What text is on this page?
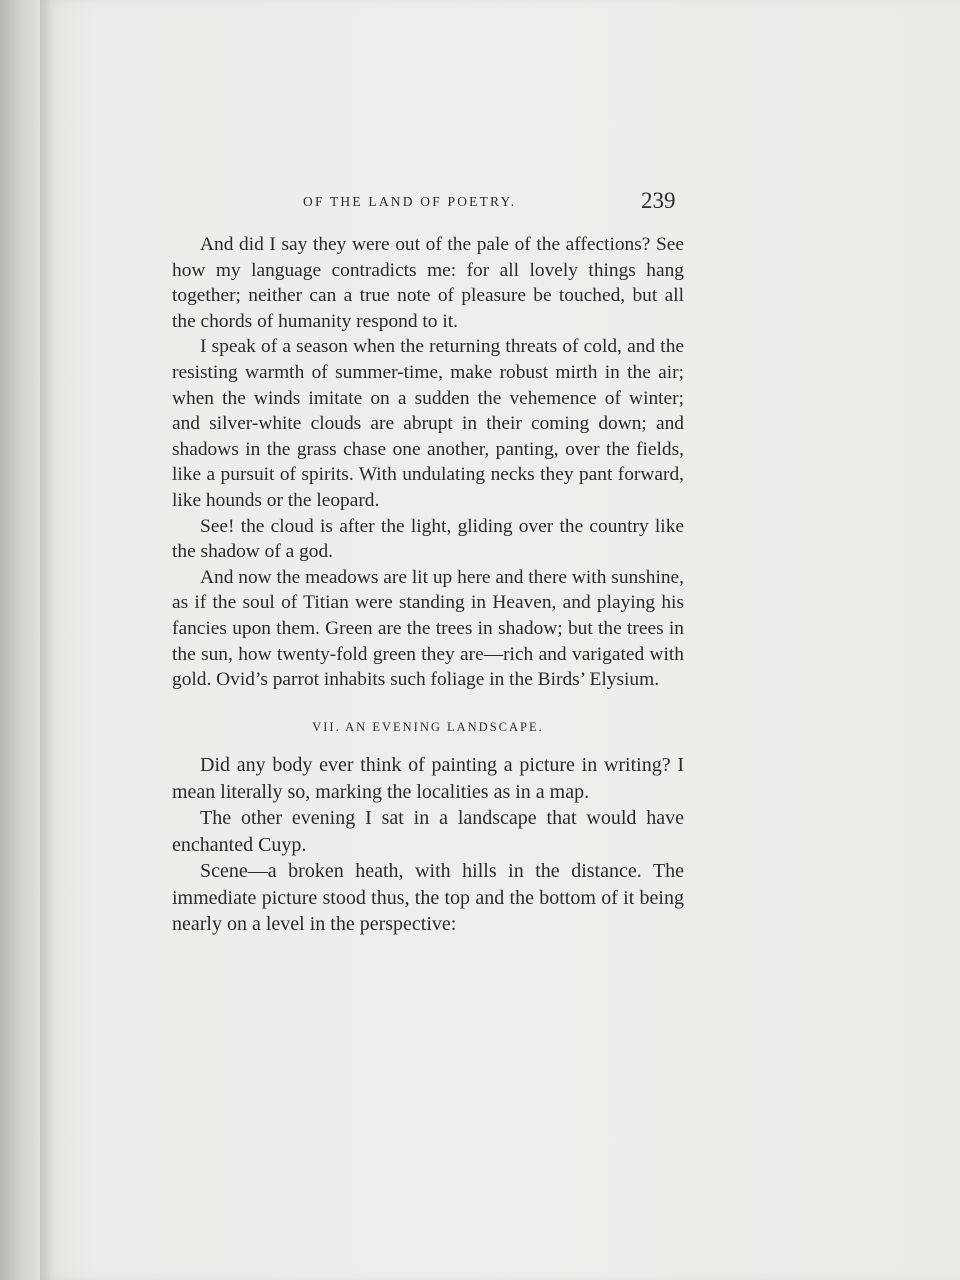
OF THE LAND OF POETRY.	239

And did I say they were out of the pale of the affections? See how my language contradicts me: for all lovely things hang together; neither can a true note of pleasure be touched, but all the chords of humanity respond to it.

I speak of a season when the returning threats of cold, and the resisting warmth of summer-time, make robust mirth in the air; when the winds imitate on a sudden the vehemence of winter; and silver-white clouds are abrupt in their coming down; and shadows in the grass chase one another, panting, over the fields, like a pursuit of spirits. With undulating necks they pant forward, like hounds or the leopard.

See! the cloud is after the light, gliding over the country like the shadow of a god.

And now the meadows are lit up here and there with sunshine, as if the soul of Titian were standing in Heaven, and playing his fancies upon them. Green are the trees in shadow; but the trees in the sun, how twenty-fold green they are—rich and varigated with gold. Ovid’s parrot inhabits such foliage in the Birds’ Elysium.

VII. AN EVENING LANDSCAPE.

Did any body ever think of painting a picture in writing? I mean literally so, marking the localities as in a map.

The other evening I sat in a landscape that would have enchanted Cuyp.

Scene—a broken heath, with hills in the distance. The immediate picture stood thus, the top and the bottom of it being nearly on a level in the perspective:
